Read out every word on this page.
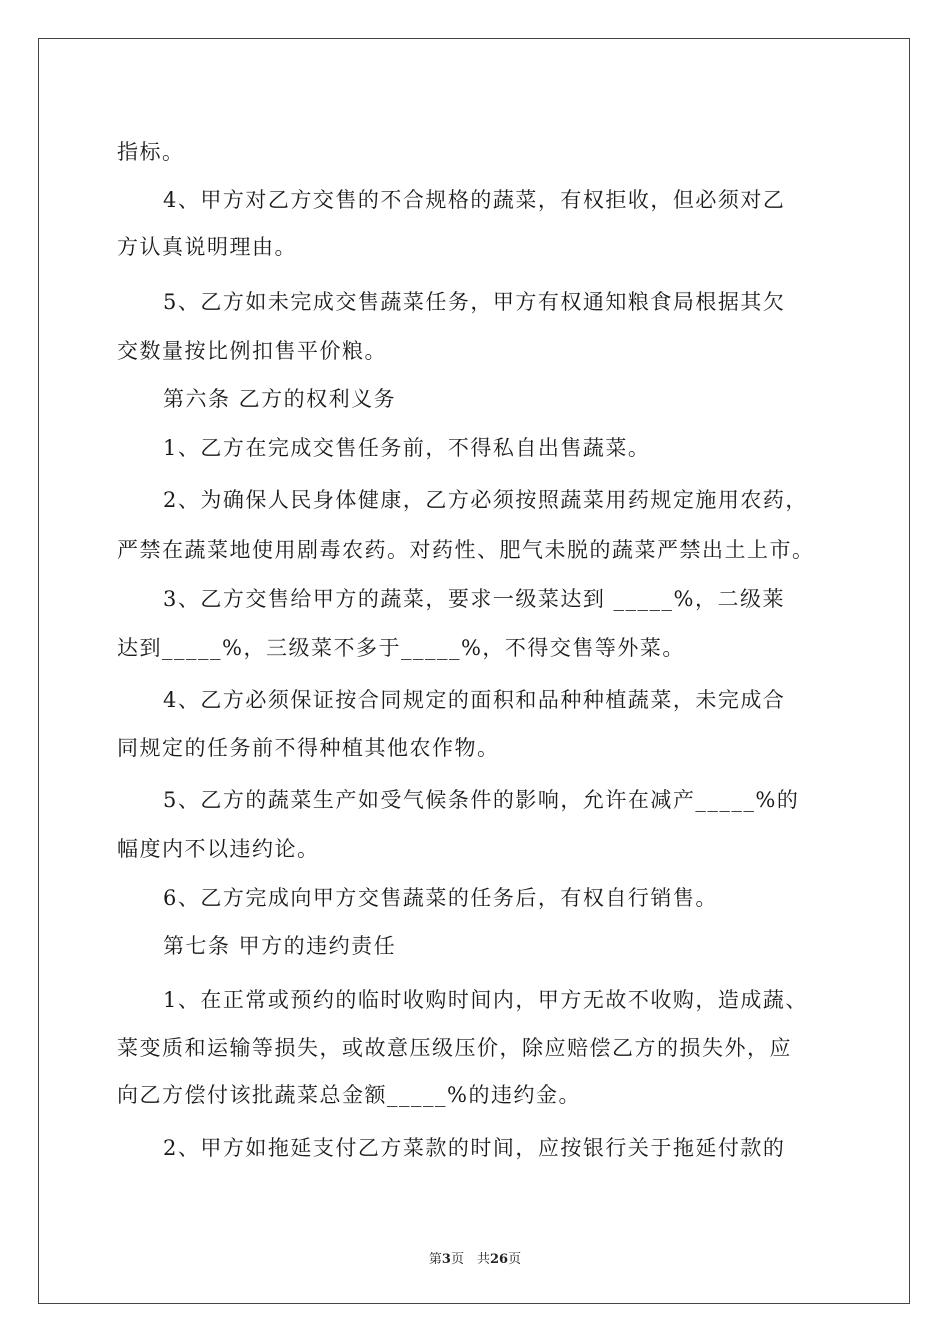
指标。
4、甲方对乙方交售的不合规格的蔬菜，有权拒收，但必须对乙
方认真说明理由。
5、乙方如未完成交售蔬菜任务，甲方有权通知粮食局根据其欠
交数量按比例扣售平价粮。
第六条 乙方的权利义务
1、乙方在完成交售任务前，不得私自出售蔬菜。
2、为确保人民身体健康，乙方必须按照蔬菜用药规定施用农药，
严禁在蔬菜地使用剧毒农药。对药性、肥气未脱的蔬菜严禁出土上市。
3、乙方交售给甲方的蔬菜，要求一级菜达到 _____%，二级莱
达到_____%，三级菜不多于_____%，不得交售等外菜。
4、乙方必须保证按合同规定的面积和品种种植蔬菜，未完成合
同规定的任务前不得种植其他农作物。
5、乙方的蔬菜生产如受气候条件的影响，允许在减产_____%的
幅度内不以违约论。
6、乙方完成向甲方交售蔬菜的任务后，有权自行销售。
第七条 甲方的违约责任
1、在正常或预约的临时收购时间内，甲方无故不收购，造成蔬、
菜变质和运输等损失，或故意压级压价，除应赔偿乙方的损失外，应
向乙方偿付该批蔬菜总金额_____%的违约金。
2、甲方如拖延支付乙方菜款的时间，应按银行关于拖延付款的
第3页　共26页
